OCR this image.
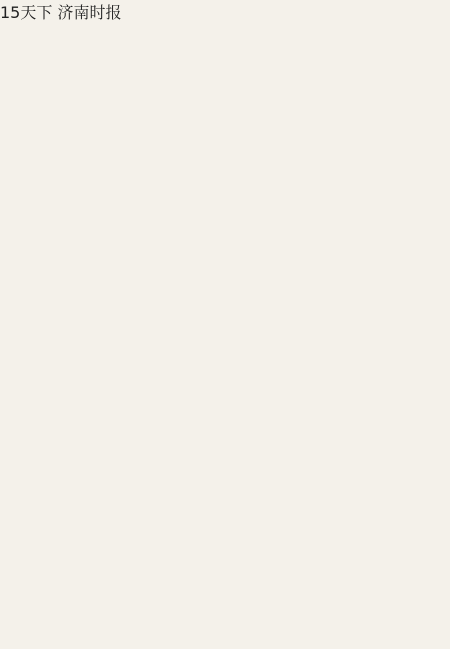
15天下 济南时报
